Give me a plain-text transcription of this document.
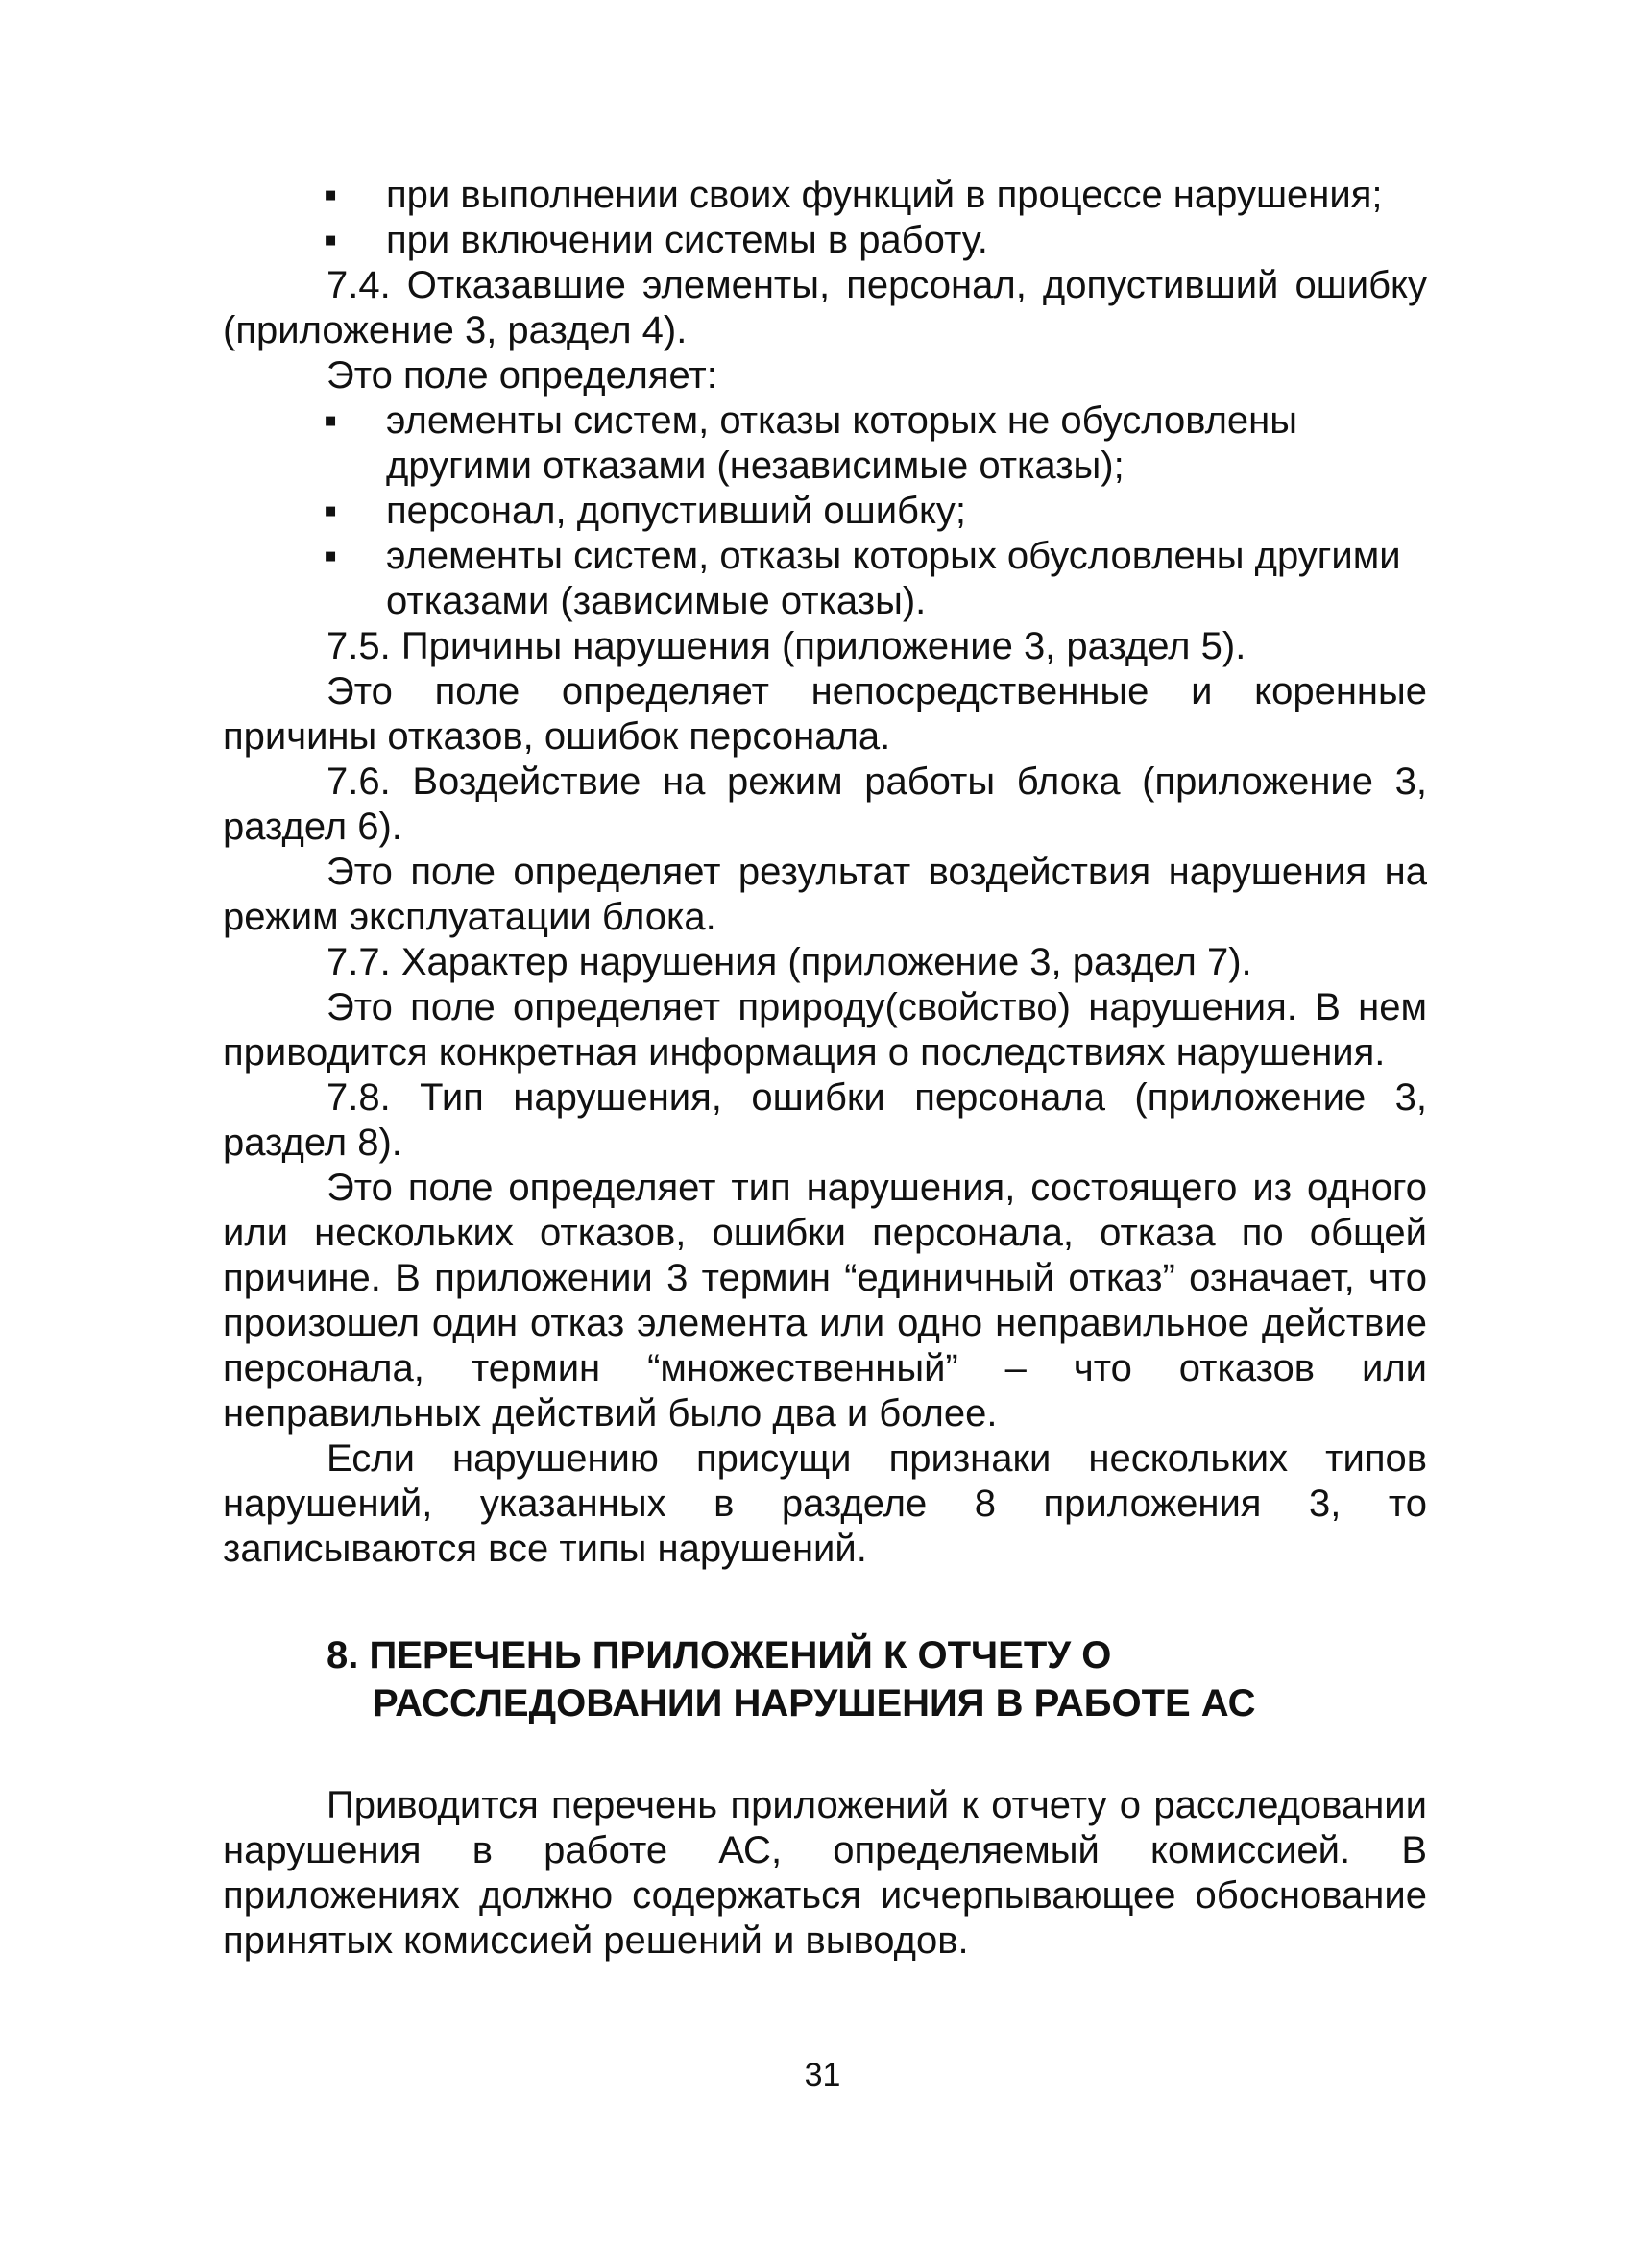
▪ при выполнении своих функций в процессе нарушения;
▪ при включении системы в работу.

7.4. Отказавшие элементы, персонал, допустивший ошибку (приложение 3, раздел 4).

Это поле определяет:

▪ элементы систем, отказы которых не обусловлены другими отказами (независимые отказы);
▪ персонал, допустивший ошибку;
▪ элементы систем, отказы которых обусловлены другими отказами (зависимые отказы).

7.5. Причины нарушения (приложение 3, раздел 5).

Это поле определяет непосредственные и коренные причины отказов, ошибок персонала.

7.6. Воздействие на режим работы блока (приложение 3, раздел 6).

Это поле определяет результат воздействия нарушения на режим эксплуатации блока.

7.7. Характер нарушения (приложение 3, раздел 7).

Это поле определяет природу(свойство) нарушения. В нем приводится конкретная информация о последствиях нарушения.

7.8. Тип нарушения, ошибки персонала (приложение 3, раздел 8).

Это поле определяет тип нарушения, состоящего из одного или нескольких отказов, ошибки персонала, отказа по общей причине. В приложении 3 термин “единичный отказ” означает, что произошел один отказ элемента или одно неправильное действие персонала, термин “множественный” – что отказов или неправильных действий было два и более.

Если нарушению присущи признаки нескольких типов нарушений, указанных в разделе 8 приложения 3, то записываются все типы нарушений.

8. ПЕРЕЧЕНЬ ПРИЛОЖЕНИЙ К ОТЧЕТУ О
РАССЛЕДОВАНИИ НАРУШЕНИЯ В РАБОТЕ АС

Приводится перечень приложений к отчету о расследовании нарушения в работе АС, определяемый комиссией. В приложениях должно содержаться исчерпывающее обоснование принятых комиссией решений и выводов.

31
